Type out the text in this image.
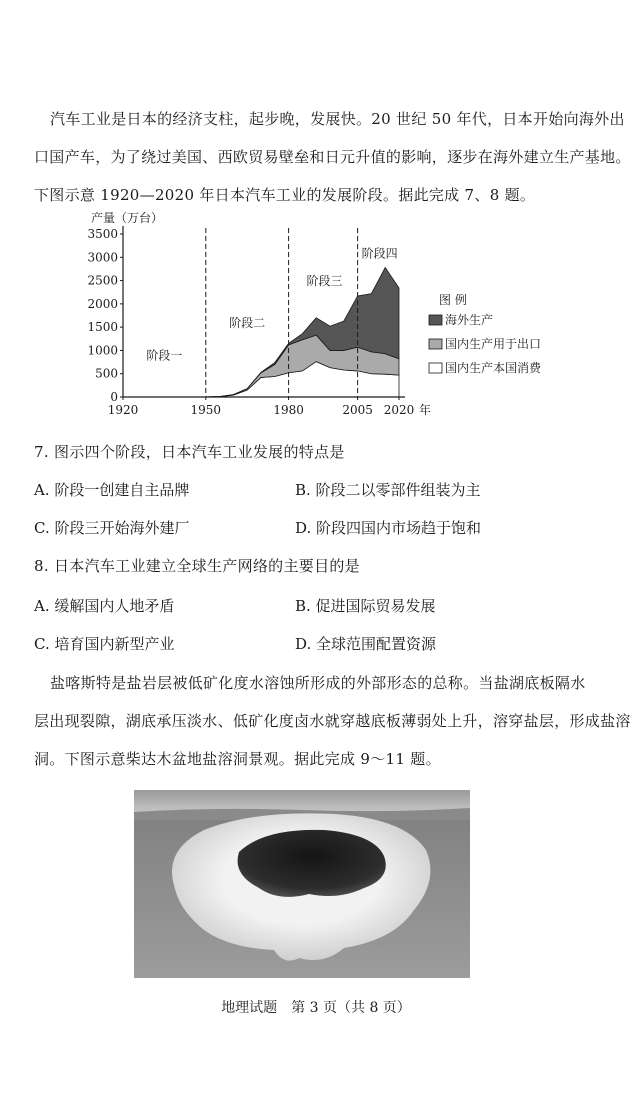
汽车工业是日本的经济支柱，起步晚，发展快。20 世纪 50 年代，日本开始向海外出
口国产车，为了绕过美国、西欧贸易壁垒和日元升值的影响，逐步在海外建立生产基地。
下图示意 1920—2020 年日本汽车工业的发展阶段。据此完成 7、8 题。
0
500
1000
1500
2000
2500
3000
3500
产量（万台）
1920	1950	1980	2005 2020 年
阶段一
阶段二
阶段三
阶段四
图 例
海外生产
国内生产用于出口
国内生产本国消费
7. 图示四个阶段，日本汽车工业发展的特点是
A. 阶段一创建自主品牌	B. 阶段二以零部件组装为主
C. 阶段三开始海外建厂	D. 阶段四国内市场趋于饱和
8. 日本汽车工业建立全球生产网络的主要目的是
A. 缓解国内人地矛盾	B. 促进国际贸易发展
C. 培育国内新型产业	D. 全球范围配置资源
盐喀斯特是盐岩层被低矿化度水溶蚀所形成的外部形态的总称。当盐湖底板隔水
层出现裂隙，湖底承压淡水、低矿化度卤水就穿越底板薄弱处上升，溶穿盐层，形成盐溶
洞。下图示意柴达木盆地盐溶洞景观。据此完成 9～11 题。
地理试题　第 3 页（共 8 页）
